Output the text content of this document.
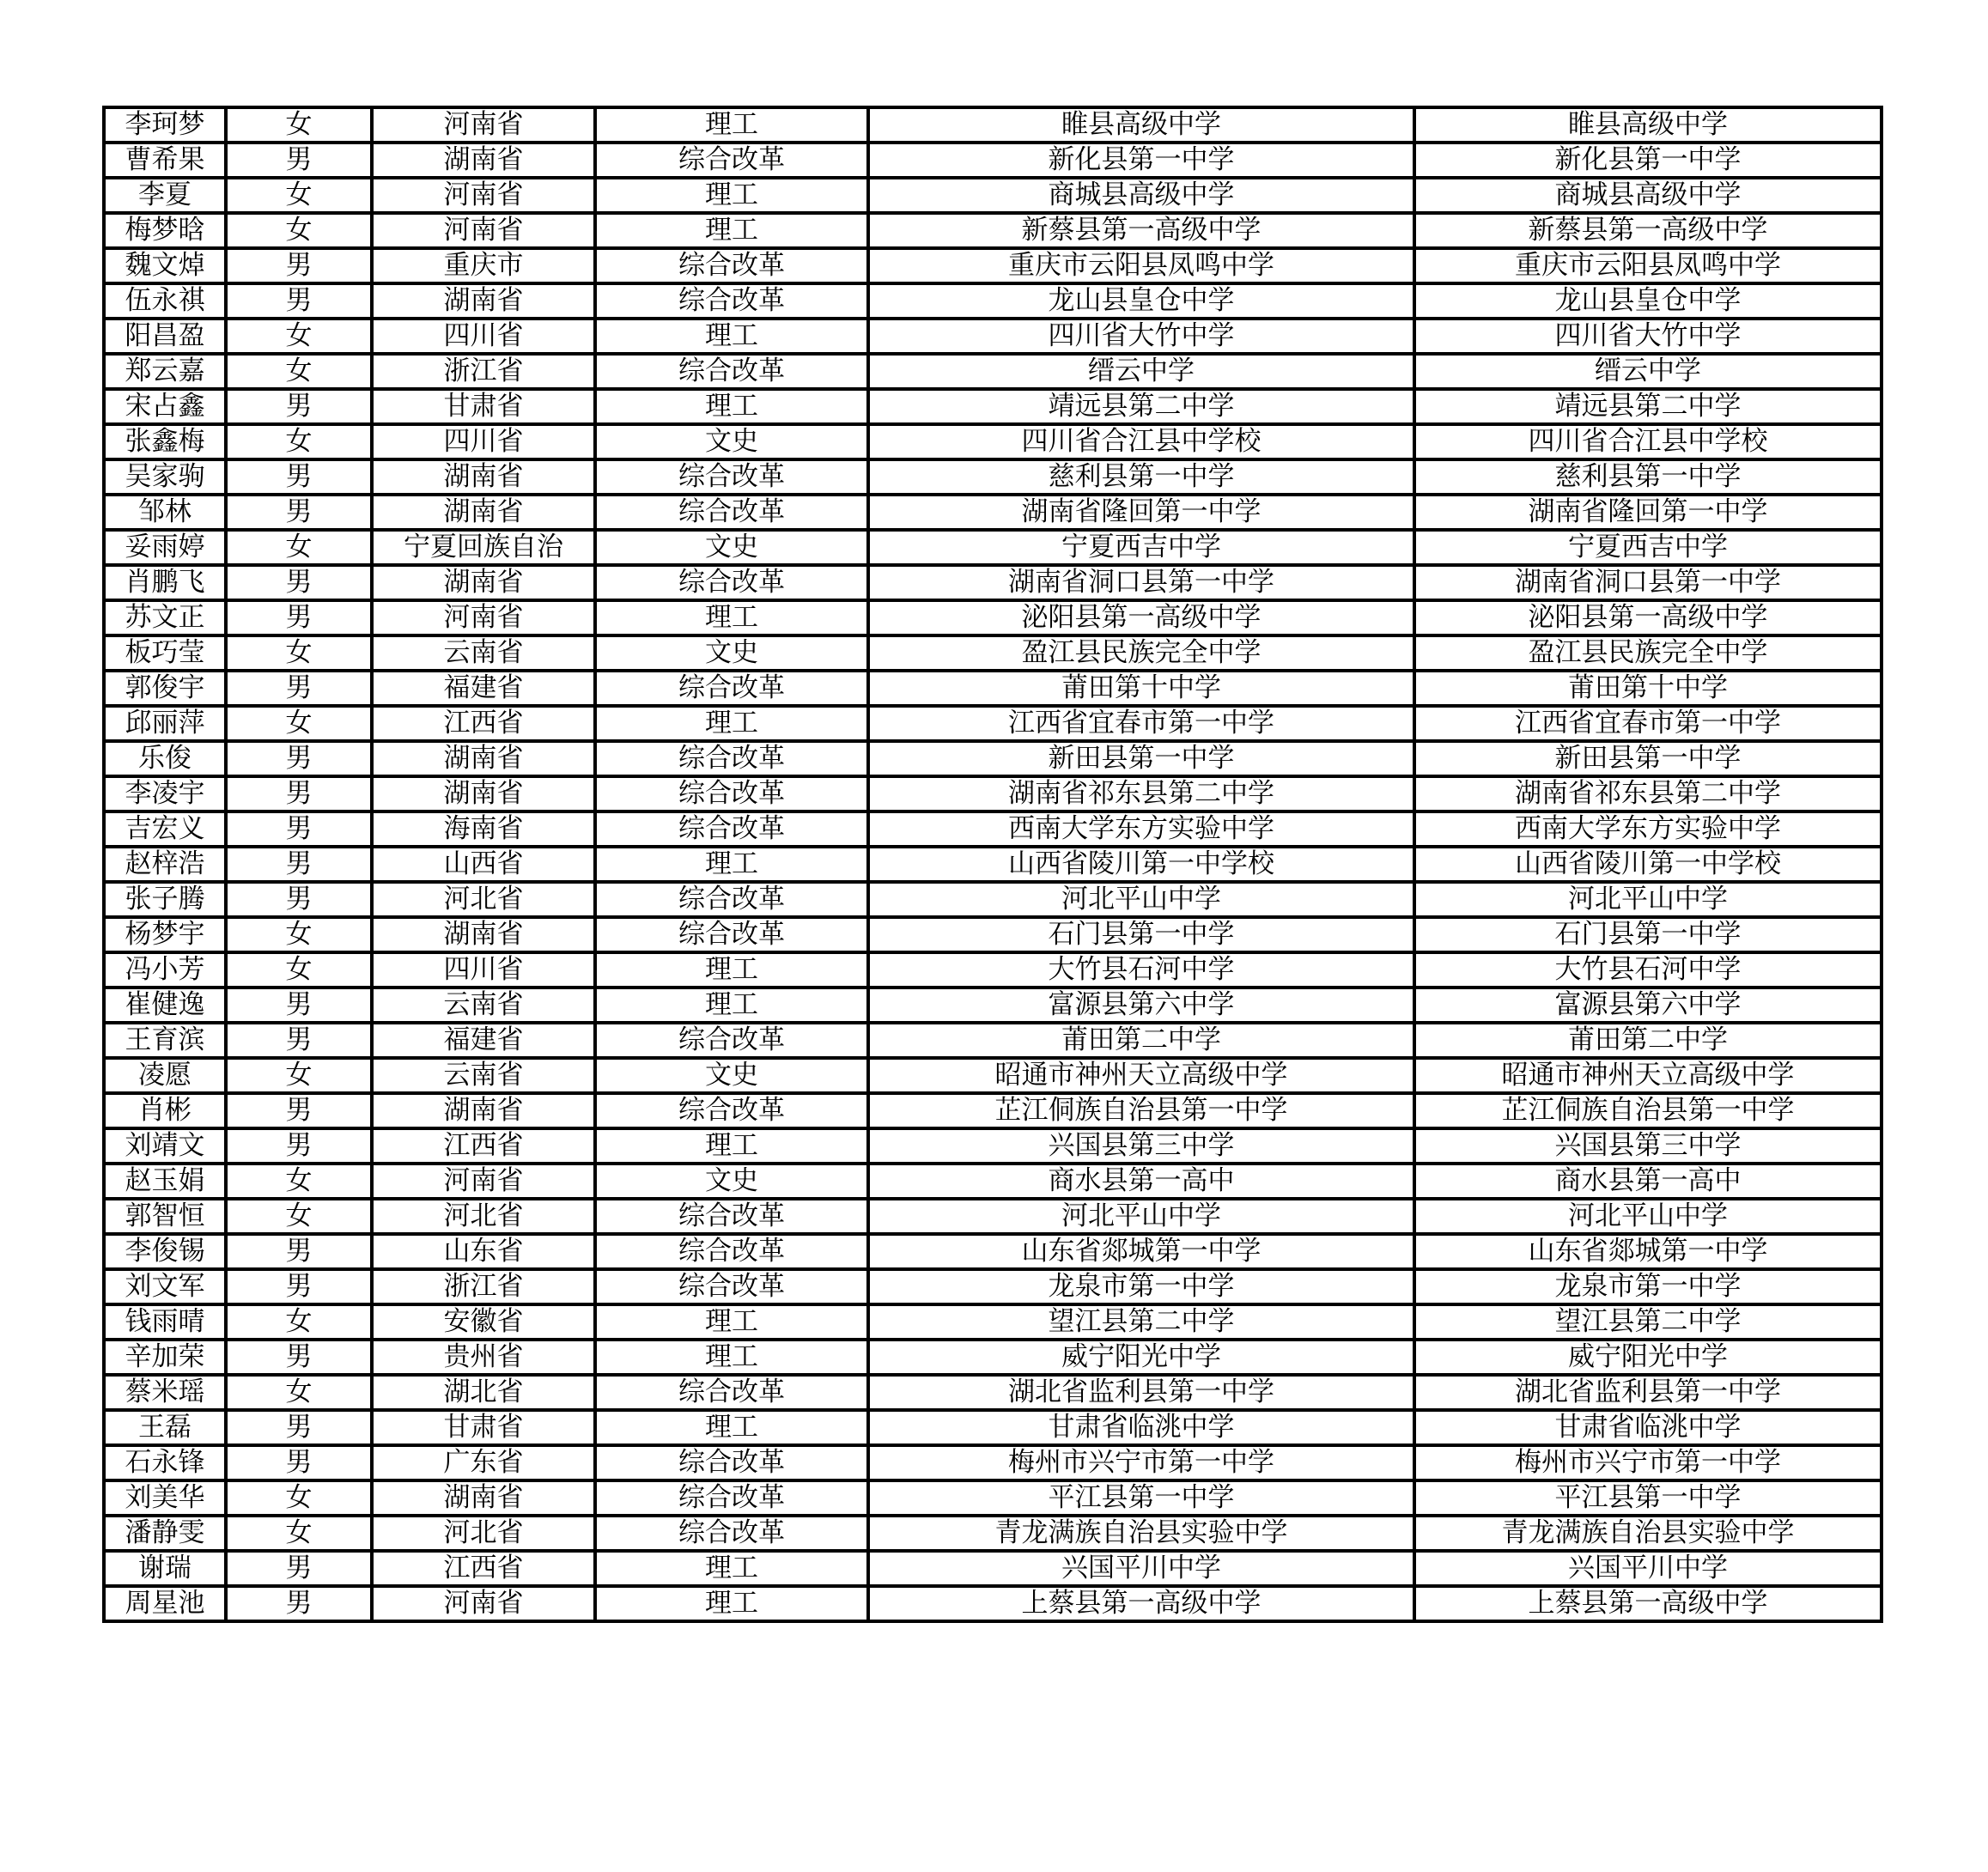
李珂梦	女	河南省	理工	睢县高级中学	睢县高级中学
曹希果	男	湖南省	综合改革	新化县第一中学	新化县第一中学
李夏	女	河南省	理工	商城县高级中学	商城县高级中学
梅梦晗	女	河南省	理工	新蔡县第一高级中学	新蔡县第一高级中学
魏文焯	男	重庆市	综合改革	重庆市云阳县凤鸣中学	重庆市云阳县凤鸣中学
伍永祺	男	湖南省	综合改革	龙山县皇仓中学	龙山县皇仓中学
阳昌盈	女	四川省	理工	四川省大竹中学	四川省大竹中学
郑云嘉	女	浙江省	综合改革	缙云中学	缙云中学
宋占鑫	男	甘肃省	理工	靖远县第二中学	靖远县第二中学
张鑫梅	女	四川省	文史	四川省合江县中学校	四川省合江县中学校
吴家驹	男	湖南省	综合改革	慈利县第一中学	慈利县第一中学
邹林	男	湖南省	综合改革	湖南省隆回第一中学	湖南省隆回第一中学
妥雨婷	女	宁夏回族自治	文史	宁夏西吉中学	宁夏西吉中学
肖鹏飞	男	湖南省	综合改革	湖南省洞口县第一中学	湖南省洞口县第一中学
苏文正	男	河南省	理工	泌阳县第一高级中学	泌阳县第一高级中学
板巧莹	女	云南省	文史	盈江县民族完全中学	盈江县民族完全中学
郭俊宇	男	福建省	综合改革	莆田第十中学	莆田第十中学
邱丽萍	女	江西省	理工	江西省宜春市第一中学	江西省宜春市第一中学
乐俊	男	湖南省	综合改革	新田县第一中学	新田县第一中学
李凌宇	男	湖南省	综合改革	湖南省祁东县第二中学	湖南省祁东县第二中学
吉宏义	男	海南省	综合改革	西南大学东方实验中学	西南大学东方实验中学
赵梓浩	男	山西省	理工	山西省陵川第一中学校	山西省陵川第一中学校
张子腾	男	河北省	综合改革	河北平山中学	河北平山中学
杨梦宇	女	湖南省	综合改革	石门县第一中学	石门县第一中学
冯小芳	女	四川省	理工	大竹县石河中学	大竹县石河中学
崔健逸	男	云南省	理工	富源县第六中学	富源县第六中学
王育滨	男	福建省	综合改革	莆田第二中学	莆田第二中学
凌愿	女	云南省	文史	昭通市神州天立高级中学	昭通市神州天立高级中学
肖彬	男	湖南省	综合改革	芷江侗族自治县第一中学	芷江侗族自治县第一中学
刘靖文	男	江西省	理工	兴国县第三中学	兴国县第三中学
赵玉娟	女	河南省	文史	商水县第一高中	商水县第一高中
郭智恒	女	河北省	综合改革	河北平山中学	河北平山中学
李俊锡	男	山东省	综合改革	山东省郯城第一中学	山东省郯城第一中学
刘文军	男	浙江省	综合改革	龙泉市第一中学	龙泉市第一中学
钱雨晴	女	安徽省	理工	望江县第二中学	望江县第二中学
辛加荣	男	贵州省	理工	威宁阳光中学	威宁阳光中学
蔡米瑶	女	湖北省	综合改革	湖北省监利县第一中学	湖北省监利县第一中学
王磊	男	甘肃省	理工	甘肃省临洮中学	甘肃省临洮中学
石永锋	男	广东省	综合改革	梅州市兴宁市第一中学	梅州市兴宁市第一中学
刘美华	女	湖南省	综合改革	平江县第一中学	平江县第一中学
潘静雯	女	河北省	综合改革	青龙满族自治县实验中学	青龙满族自治县实验中学
谢瑞	男	江西省	理工	兴国平川中学	兴国平川中学
周星池	男	河南省	理工	上蔡县第一高级中学	上蔡县第一高级中学
